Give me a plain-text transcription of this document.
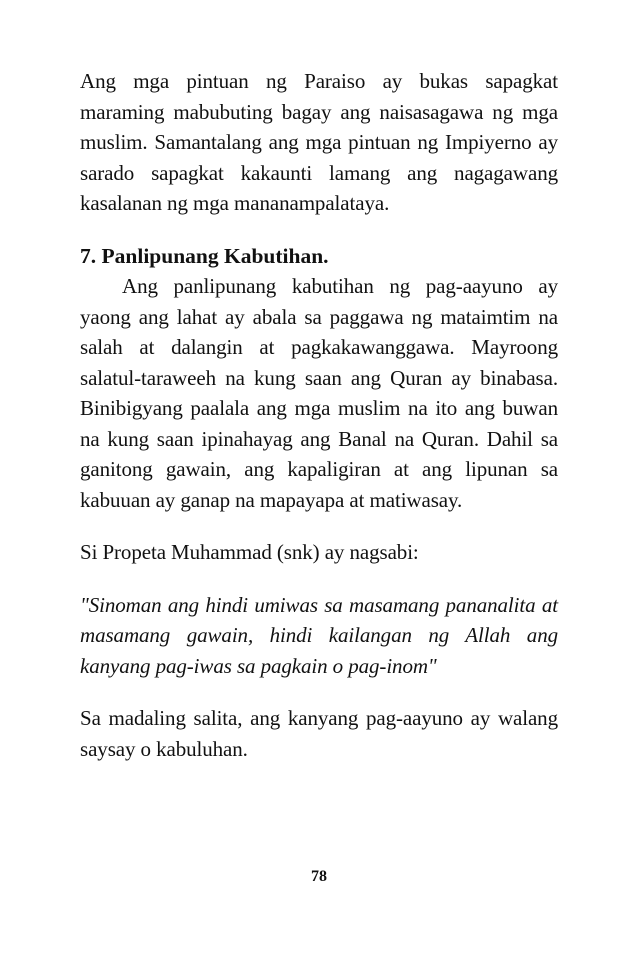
Ang mga pintuan ng Paraiso ay bukas sapagkat maraming mabubuting bagay ang naisasagawa ng mga muslim. Samantalang ang mga pintuan ng Impiyerno ay sarado sapagkat kakaunti lamang ang nagagawang kasalanan ng mga mananampalataya.

7. Panlipunang Kabutihan.

Ang panlipunang kabutihan ng pag-aayuno ay yaong ang lahat ay abala sa paggawa ng mataimtim na salah at dalangin at pagkakawanggawa. Mayroong salatul-taraweeh na kung saan ang Quran ay binabasa. Binibigyang paalala ang mga muslim na ito ang buwan na kung saan ipinahayag ang Banal na Quran. Dahil sa ganitong gawain, ang kapaligiran at ang lipunan sa kabuuan ay ganap na mapayapa at matiwasay.

Si Propeta Muhammad (snk) ay nagsabi:

"Sinoman ang hindi umiwas sa masamang pananalita at masamang gawain, hindi kailangan ng Allah ang kanyang pag-iwas sa pagkain o pag-inom"

Sa madaling salita, ang kanyang pag-aayuno ay walang saysay o kabuluhan.

78
